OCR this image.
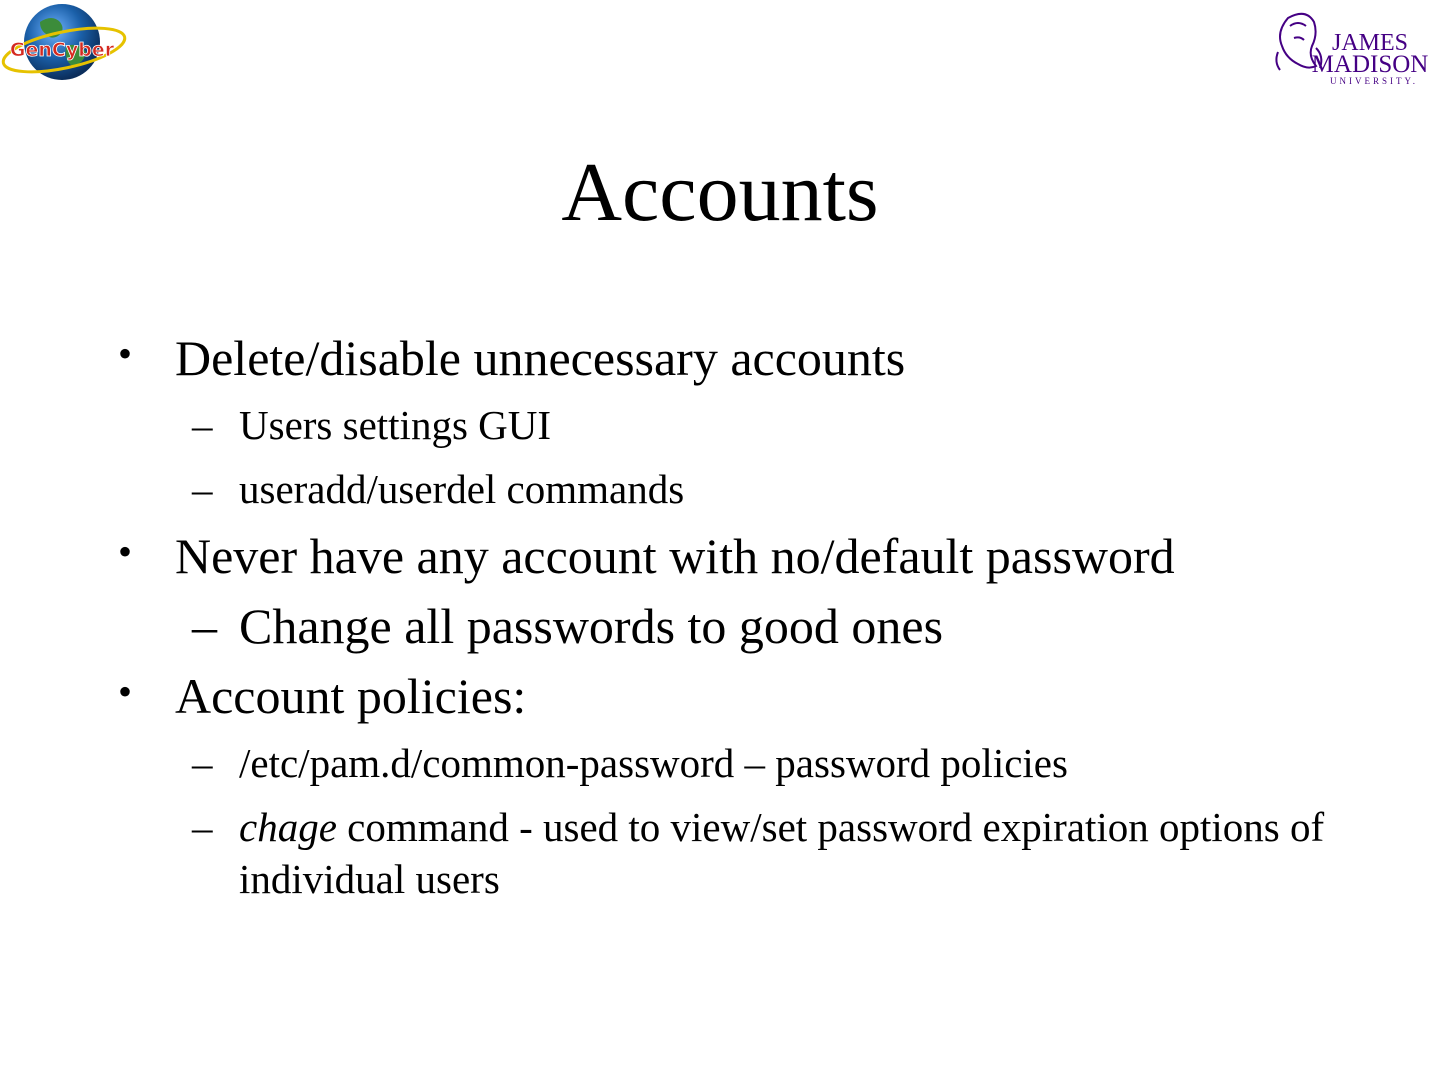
GenCyber	JAMES
MADISON
UNIVERSITY.
Accounts
• Delete/disable unnecessary accounts
– Users settings GUI
– useradd/userdel commands
• Never have any account with no/default password
– Change all passwords to good ones
• Account policies:
– /etc/pam.d/common-password – password policies
– chage command - used to view/set password expiration options of individual users
